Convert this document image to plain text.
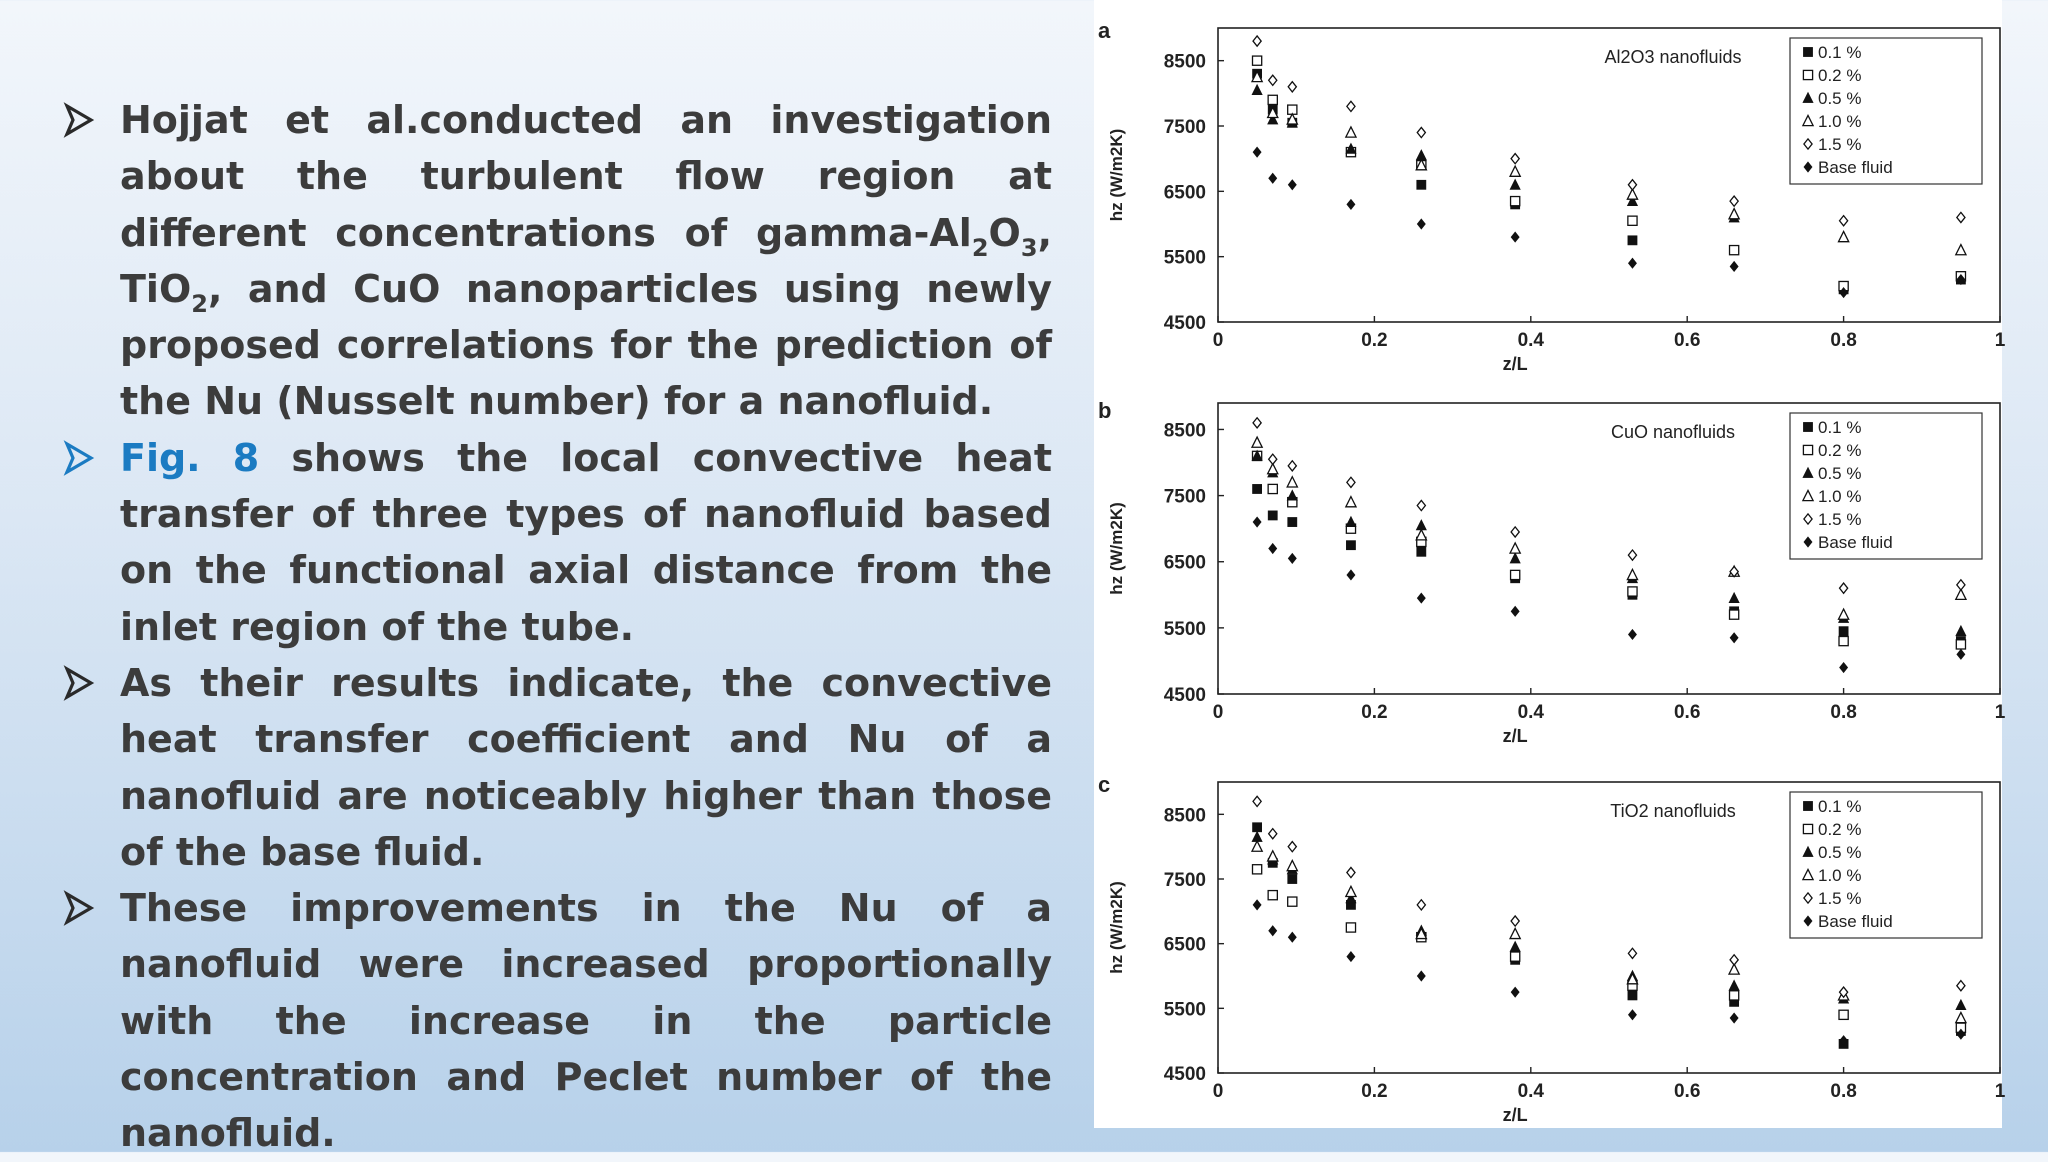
Hojjat et al.conducted an investigation about the turbulent flow region at different concentrations of gamma-$Al_2O_3$, TiO$_2$, and CuO nanoparticles using newly proposed correlations for the prediction of the Nu (Nusselt number) for a nanofluid.
Fig. 8 shows the local convective heat transfer of three types of nanofluid based on the functional axial distance from the inlet region of the tube.
As their results indicate, the convective heat transfer coefficient and Nu of a nanofluid are noticeably higher than those of the base fluid.
These improvements in the Nu of a nanofluid were increased proportionally with the increase in the particle concentration and Peclet number of the nanofluid.
a
4500
5500
6500
7500
8500
0	0.2	0.4	0.6	0.8	1
z/L
hz (W/m2K)
Al2O3 nanofluids	0.1 %
0.2 %
0.5 %
1.0 %
1.5 %
Base fluid
b
4500
5500
6500
7500
8500
0	0.2	0.4	0.6	0.8	1
z/L
hz (W/m2K)
CuO nanofluids	0.1 %
0.2 %
0.5 %
1.0 %
1.5 %
Base fluid
c
4500
5500
6500
7500
8500
0	0.2	0.4	0.6	0.8	1
z/L
hz (W/m2K)
TiO2 nanofluids	0.1 %
0.2 %
0.5 %
1.0 %
1.5 %
Base fluid
